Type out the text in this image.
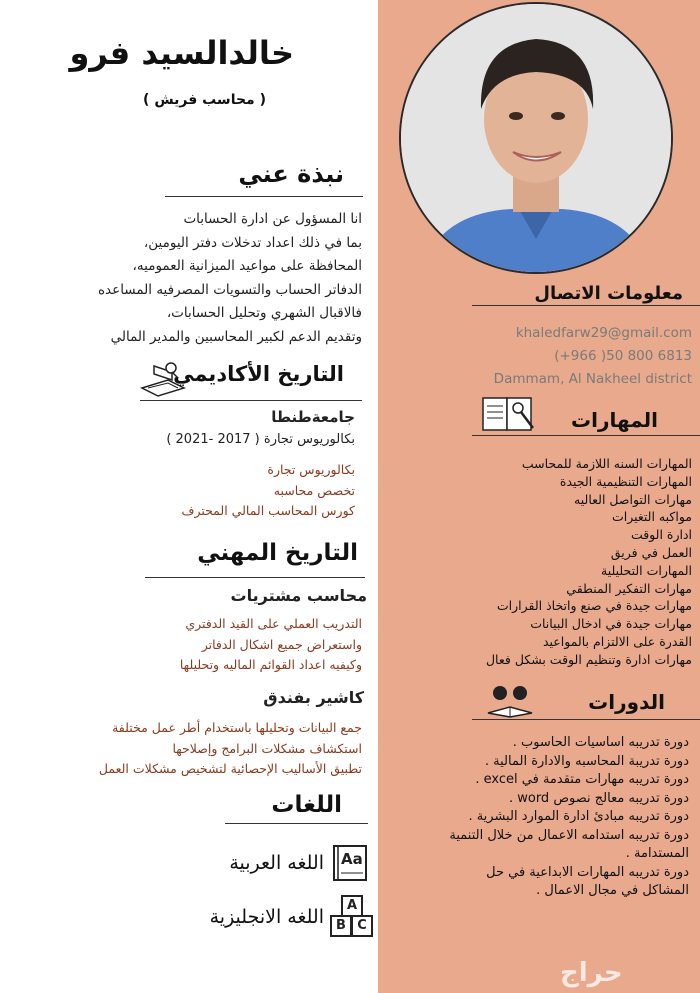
خالدالسيد فرو
( محاسب فريش )
نبذة عني
انا المسؤول عن ادارة الحسابات
بما في ذلك اعداد تدخلات دفتر اليومين،
المحافظة على مواعيد الميزانية العموميه،
الدفاتر الحساب والتسويات المصرفيه المساعده
فالاقبال الشهري وتحليل الحسابات،
وتقديم الدعم لكبير المحاسبين والمدير المالي
التاريخ الأكاديمي
جامعةطنطا
بكالوريوس تجارة ( 2017 -2021 )
بكالوريوس تجارة
تخصص محاسبه
كورس المحاسب المالي المحترف
التاريخ المهني
محاسب مشتريات
التدريب العملي على القيد الدفتري
واستعراض جميع اشكال الدفاتر
وكيفيه اعداد القوائم الماليه وتحليلها
كاشير بفندق
جمع البيانات وتحليلها باستخدام أطر عمل مختلفة
استكشاف مشكلات البرامج وإصلاحها
تطبيق الأساليب الإحصائية لتشخيص مشكلات العمل
اللغات
Aa
اللغه العربية
A
B C
اللغه الانجليزية
معلومات الاتصال
khaledfarw29@gmail.com
(+966 )50 800 6813
Dammam, Al Nakheel district
المهارات
المهارات السنه اللازمة للمحاسب
المهارات التنظيمية الجيدة
مهارات التواصل العاليه
مواكبه التغيرات
ادارة الوقت
العمل في فريق
المهارات التحليلية
مهارات التفكير المنطقي
مهارات جيدة في صنع واتخاذ القرارات
مهارات جيدة في ادخال البيانات
القدرة على الالتزام بالمواعيد
مهارات ادارة وتنظيم الوقت بشكل فعال
الدورات
دورة تدريبه اساسيات الحاسوب .
دورة تدريبة المحاسبه والادارة المالية .
دورة تدريبه مهارات متقدمة في excel .
دورة تدريبه معالج نصوص word .
دورة تدريبه مبادئ ادارة الموارد البشرية .
دورة تدريبه استدامه الاعمال من خلال التنمية
المستدامة .
دورة تدريبه المهارات الابداعية في حل
المشاكل في مجال الاعمال .
حراج
